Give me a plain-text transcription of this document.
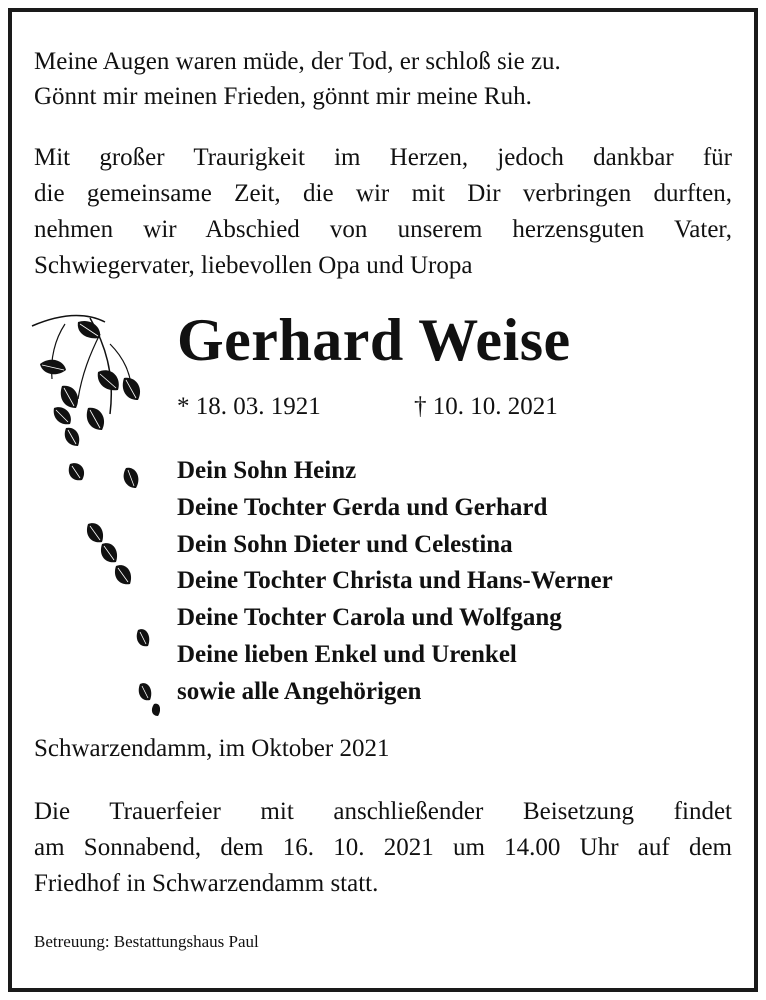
Meine Augen waren müde, der Tod, er schloß sie zu.
Gönnt mir meinen Frieden, gönnt mir meine Ruh.
Mit großer Traurigkeit im Herzen, jedoch dankbar für
die gemeinsame Zeit, die wir mit Dir verbringen durften,
nehmen wir Abschied von unserem herzensguten Vater,
Schwiegervater, liebevollen Opa und Uropa
Gerhard Weise
* 18. 03. 1921	† 10. 10. 2021
Dein Sohn Heinz
Deine Tochter Gerda und Gerhard
Dein Sohn Dieter und Celestina
Deine Tochter Christa und Hans-Werner
Deine Tochter Carola und Wolfgang
Deine lieben Enkel und Urenkel
sowie alle Angehörigen
Schwarzendamm, im Oktober 2021
Die Trauerfeier mit anschließender Beisetzung findet
am Sonnabend, dem 16. 10. 2021 um 14.00 Uhr auf dem
Friedhof in Schwarzendamm statt.
Betreuung: Bestattungshaus Paul
